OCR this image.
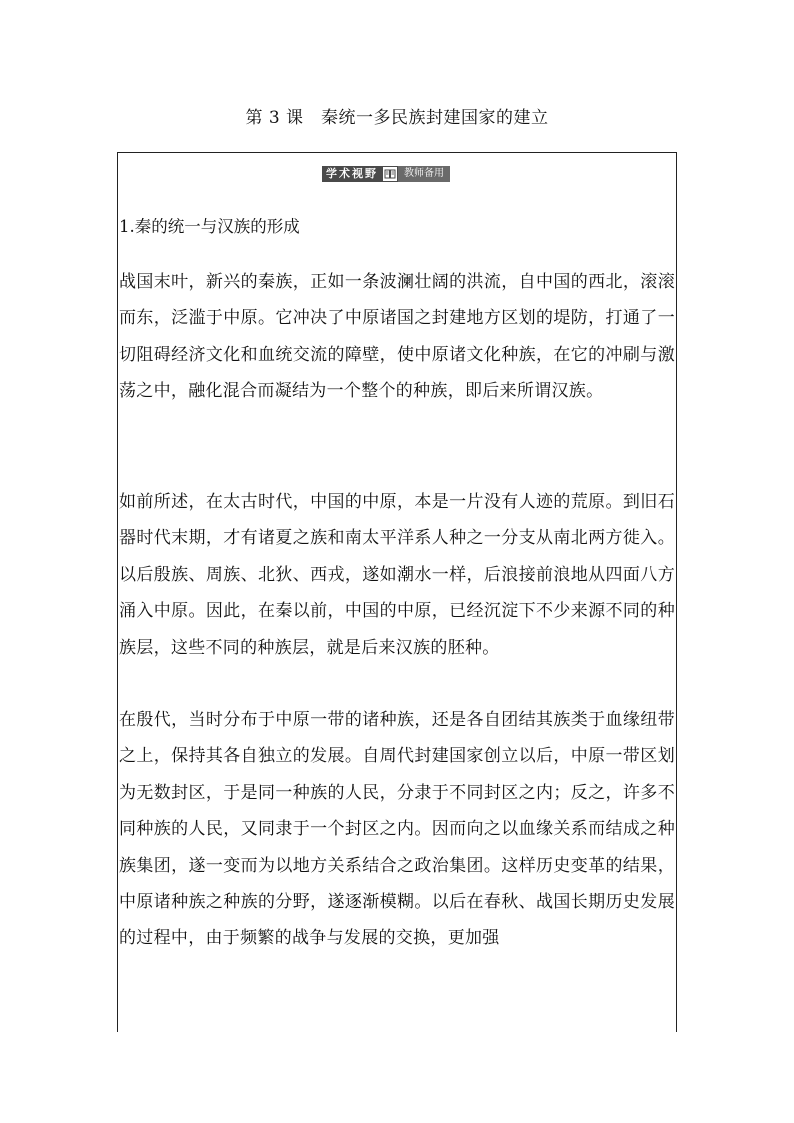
第 3 课　秦统一多民族封建国家的建立
学术视野	教师备用
1.秦的统一与汉族的形成

战国末叶，新兴的秦族，正如一条波澜壮阔的洪流，自中国的西北，滚滚而东，泛滥于中原。它冲决了中原诸国之封建地方区划的堤防，打通了一切阻碍经济文化和血统交流的障壁，使中原诸文化种族，在它的冲刷与激荡之中，融化混合而凝结为一个整个的种族，即后来所谓汉族。

如前所述，在太古时代，中国的中原，本是一片没有人迹的荒原。到旧石器时代末期，才有诸夏之族和南太平洋系人种之一分支从南北两方徙入。以后殷族、周族、北狄、西戎，遂如潮水一样，后浪接前浪地从四面八方涌入中原。因此，在秦以前，中国的中原，已经沉淀下不少来源不同的种族层，这些不同的种族层，就是后来汉族的胚种。

在殷代，当时分布于中原一带的诸种族，还是各自团结其族类于血缘纽带之上，保持其各自独立的发展。自周代封建国家创立以后，中原一带区划为无数封区，于是同一种族的人民，分隶于不同封区之内；反之，许多不同种族的人民，又同隶于一个封区之内。因而向之以血缘关系而结成之种族集团，遂一变而为以地方关系结合之政治集团。这样历史变革的结果，中原诸种族之种族的分野，遂逐渐模糊。以后在春秋、战国长期历史发展的过程中，由于频繁的战争与发展的交换，更加强
